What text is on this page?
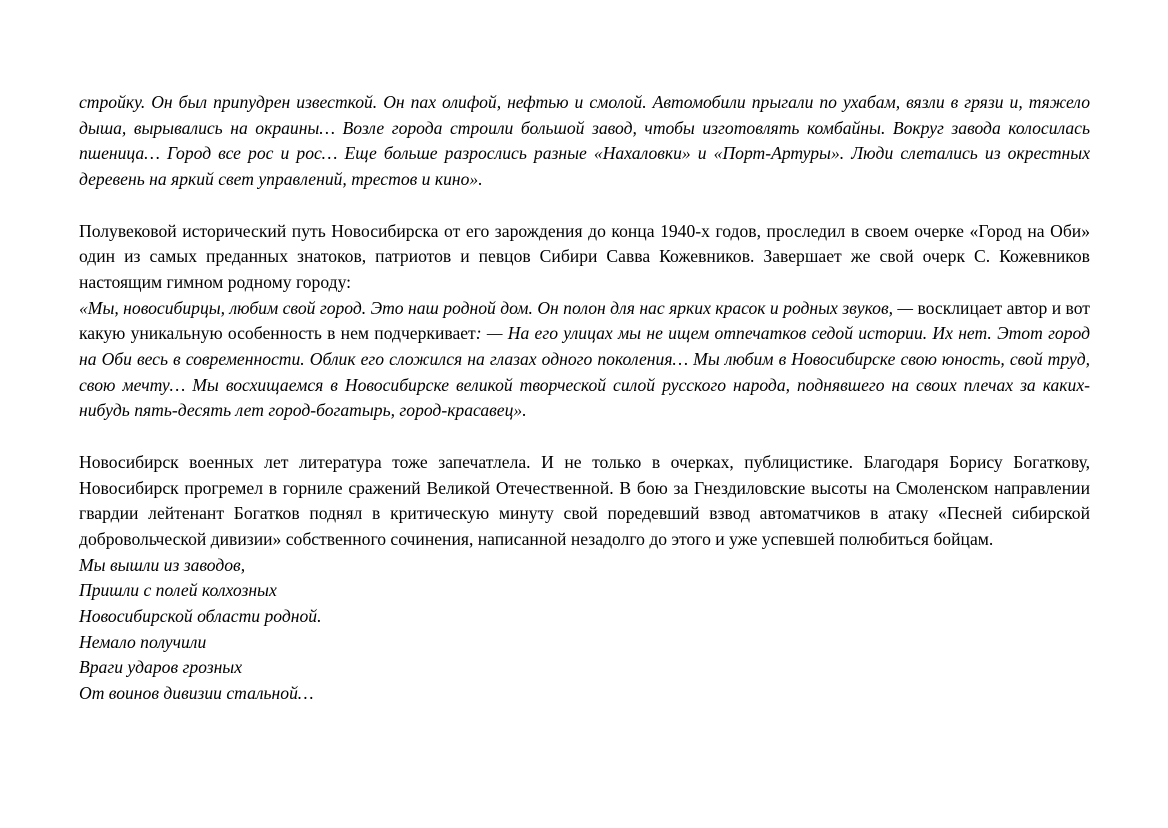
стройку. Он был припудрен известкой. Он пах олифой, нефтью и смолой. Автомобили прыгали по ухабам, вязли в грязи и, тяжело дыша, вырывались на окраины… Возле города строили большой завод, чтобы изготовлять комбайны. Вокруг завода колосилась пшеница… Город все рос и рос… Еще больше разрослись разные «Нахаловки» и «Порт-Артуры». Люди слетались из окрестных деревень на яркий свет управлений, трестов и кино».

Полувековой исторический путь Новосибирска от его зарождения до конца 1940-х годов, проследил в своем очерке «Город на Оби» один из самых преданных знатоков, патриотов и певцов Сибири Савва Кожевников. Завершает же свой очерк С. Кожевников настоящим гимном родному городу:
«Мы, новосибирцы, любим свой город. Это наш родной дом. Он полон для нас ярких красок и родных звуков, — восклицает автор и вот какую уникальную особенность в нем подчеркивает: — На его улицах мы не ищем отпечатков седой истории. Их нет. Этот город на Оби весь в современности. Облик его сложился на глазах одного поколения… Мы любим в Новосибирске свою юность, свой труд, свою мечту… Мы восхищаемся в Новосибирске великой творческой силой русского народа, поднявшего на своих плечах за каких-нибудь пять-десять лет город-богатырь, город-красавец».

Новосибирск военных лет литература тоже запечатлела. И не только в очерках, публицистике. Благодаря Борису Богаткову, Новосибирск прогремел в горниле сражений Великой Отечественной. В бою за Гнездиловские высоты на Смоленском направлении гвардии лейтенант Богатков поднял в критическую минуту свой поредевший взвод автоматчиков в атаку «Песней сибирской добровольческой дивизии» собственного сочинения, написанной незадолго до этого и уже успевшей полюбиться бойцам.

Мы вышли из заводов,
Пришли с полей колхозных
Новосибирской области родной.
Немало получили
Враги ударов грозных
От воинов дивизии стальной…
